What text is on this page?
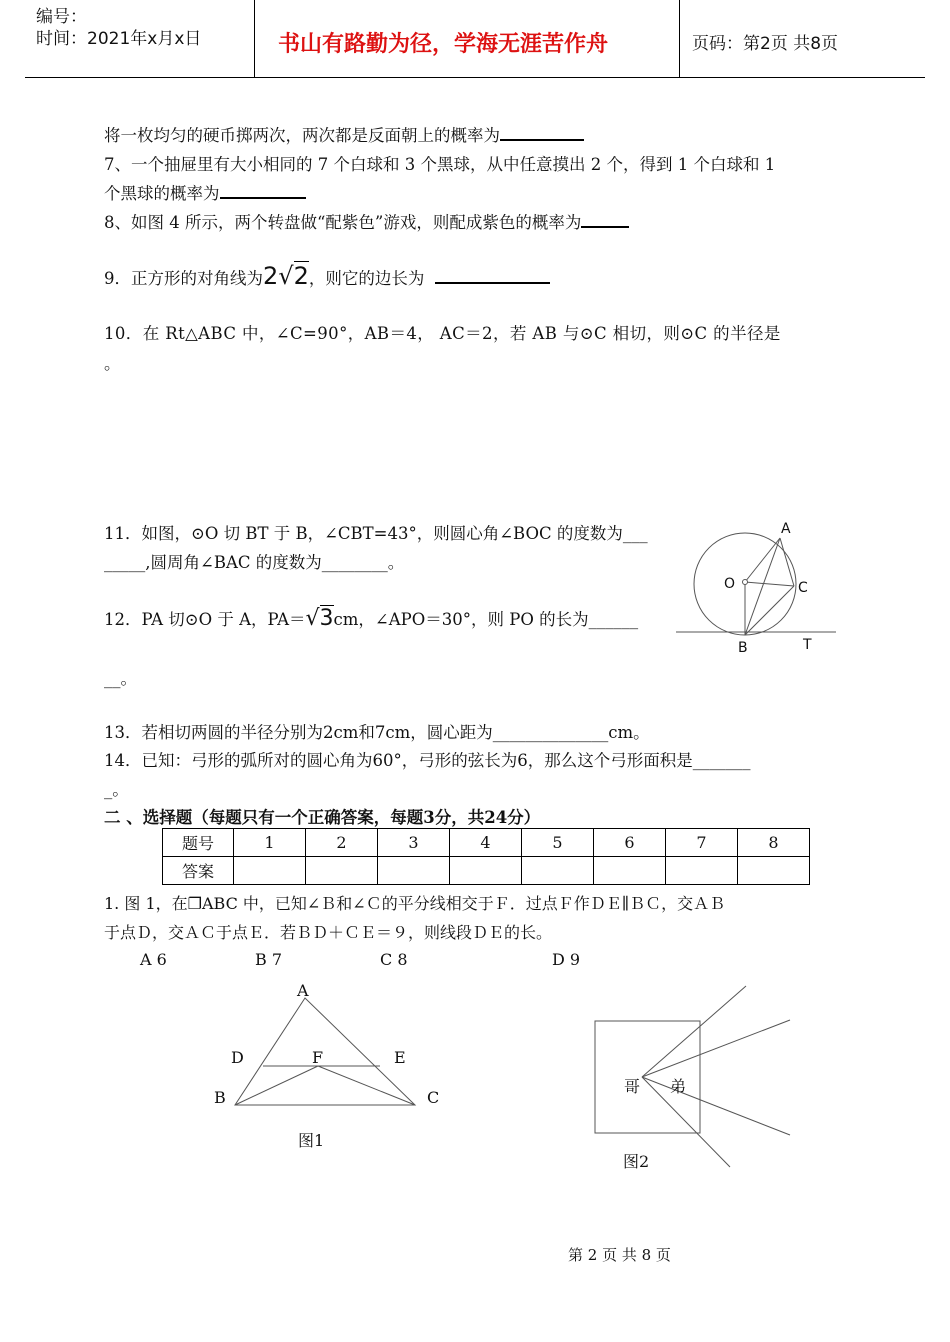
编号：
时间：2021年x月x日	书山有路勤为径，学海无涯苦作舟	页码：第2页 共8页
将一枚均匀的硬币掷两次，两次都是反面朝上的概率为
7、一个抽屉里有大小相同的 7 个白球和 3 个黑球，从中任意摸出 2 个，得到 1 个白球和 1
个黑球的概率为
8、如图 4 所示，两个转盘做“配紫色”游戏，则配成紫色的概率为
9．正方形的对角线为2√2，则它的边长为
10．在 Rt△ABC 中，∠C=90°，AB＝4， AC＝2，若 AB 与⊙C 相切，则⊙C 的半径是
。
11．如图，⊙O 切 BT 于 B，∠CBT=43°，则圆心角∠BOC 的度数为___
_____,圆周角∠BAC 的度数为________。
12．PA 切⊙O 于 A，PA＝√3cm，∠APO＝30°，则 PO 的长为______
__。
13．若相切两圆的半径分别为2cm和7cm，圆心距为______________cm。
14．已知：弓形的弧所对的圆心角为60°，弓形的弦长为6，那么这个弓形面积是_______
_。
A
O	C
B	T
二 、选择题（每题只有一个正确答案，每题3分，共24分）
题号	1	2	3	4	5	6	7	8
答案								
1. 图 1，在❐ABC 中，已知∠Ｂ和∠Ｃ的平分线相交于Ｆ．过点Ｆ作ＤＥ∥ＢＣ，交ＡＢ
于点Ｄ，交ＡＣ于点Ｅ．若ＢＤ＋ＣＥ＝９，则线段ＤＥ的长。
A 6	B 7	C 8	D 9
A
D	F	E
B	C
图1
哥 弟
图2
第 2 页 共 8 页
